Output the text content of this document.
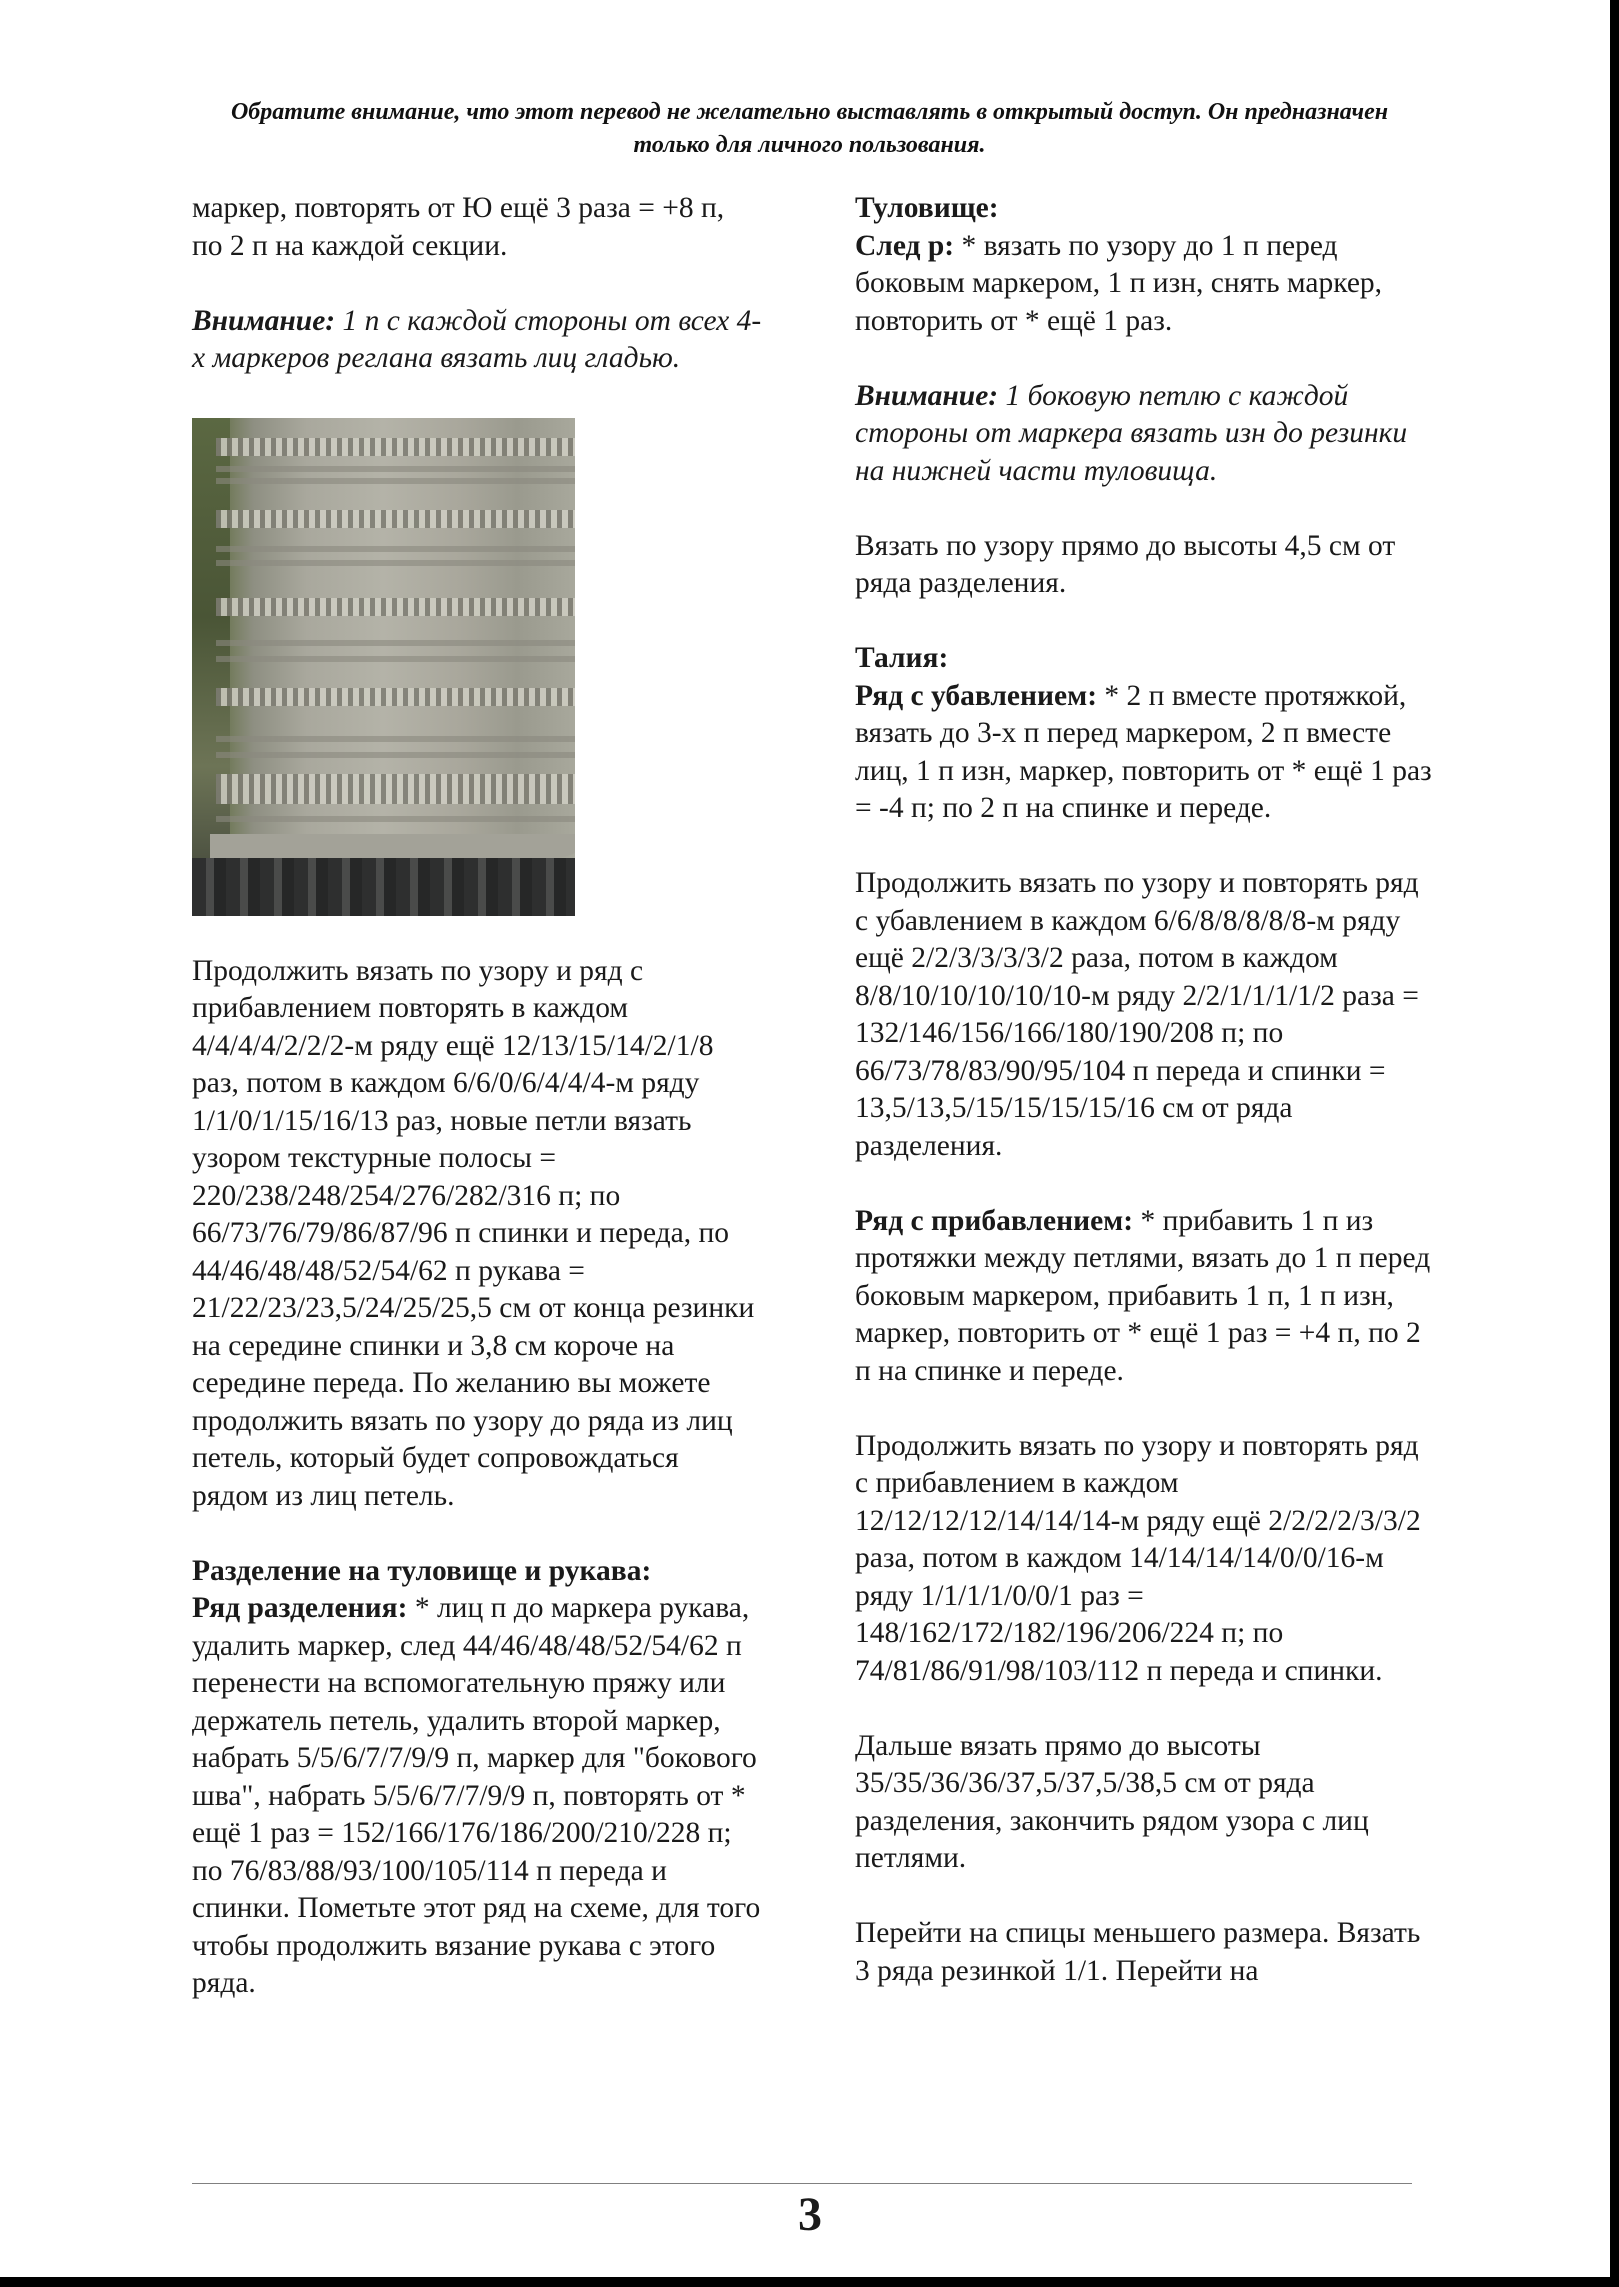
Обратите внимание, что этот перевод не желательно выставлять в открытый доступ. Он предназначен только для личного пользования.

маркер, повторять от Ю ещё 3 раза = +8 п, по 2 п на каждой секции.

Внимание: 1 п с каждой стороны от всех 4-х маркеров реглана вязать лиц гладью.

Продолжить вязать по узору и ряд с прибавлением повторять в каждом 4/4/4/4/2/2/2-м ряду ещё 12/13/15/14/2/1/8 раз, потом в каждом 6/6/0/6/4/4/4-м ряду 1/1/0/1/15/16/13 раз, новые петли вязать узором текстурные полосы = 220/238/248/254/276/282/316 п; по 66/73/76/79/86/87/96 п спинки и переда, по 44/46/48/48/52/54/62 п рукава = 21/22/23/23,5/24/25/25,5 см от конца резинки на середине спинки и 3,8 см короче на середине переда. По желанию вы можете продолжить вязать по узору до ряда из лиц петель, который будет сопровождаться рядом из лиц петель.

Разделение на туловище и рукава:

Ряд разделения: * лиц п до маркера рукава, удалить маркер, след 44/46/48/48/52/54/62 п перенести на вспомогательную пряжу или держатель петель, удалить второй маркер, набрать 5/5/6/7/7/9/9 п, маркер для "бокового шва", набрать 5/5/6/7/7/9/9 п, повторять от * ещё 1 раз = 152/166/176/186/200/210/228 п; по 76/83/88/93/100/105/114 п переда и спинки. Пометьте этот ряд на схеме, для того чтобы продолжить вязание рукава с этого ряда.

Туловище:

След р: * вязать по узору до 1 п перед боковым маркером, 1 п изн, снять маркер, повторить от * ещё 1 раз.

Внимание: 1 боковую петлю с каждой стороны от маркера вязать изн до резинки на нижней части туловища.

Вязать по узору прямо до высоты 4,5 см от ряда разделения.

Талия:

Ряд с убавлением: * 2 п вместе протяжкой, вязать до 3-х п перед маркером, 2 п вместе лиц, 1 п изн, маркер, повторить от * ещё 1 раз = -4 п; по 2 п на спинке и переде.

Продолжить вязать по узору и повторять ряд с убавлением в каждом 6/6/8/8/8/8/8-м ряду ещё 2/2/3/3/3/3/2 раза, потом в каждом 8/8/10/10/10/10/10-м ряду 2/2/1/1/1/1/2 раза = 132/146/156/166/180/190/208 п; по 66/73/78/83/90/95/104 п переда и спинки = 13,5/13,5/15/15/15/15/16 см от ряда разделения.

Ряд с прибавлением: * прибавить 1 п из протяжки между петлями, вязать до 1 п перед боковым маркером, прибавить 1 п, 1 п изн, маркер, повторить от * ещё 1 раз = +4 п, по 2 п на спинке и переде.

Продолжить вязать по узору и повторять ряд с прибавлением в каждом 12/12/12/12/14/14/14-м ряду ещё 2/2/2/2/3/3/2 раза, потом в каждом 14/14/14/14/0/0/16-м ряду 1/1/1/1/0/0/1 раз = 148/162/172/182/196/206/224 п; по 74/81/86/91/98/103/112 п переда и спинки.

Дальше вязать прямо до высоты 35/35/36/36/37,5/37,5/38,5 см от ряда разделения, закончить рядом узора с лиц петлями.

Перейти на спицы меньшего размера. Вязать 3 ряда резинкой 1/1. Перейти на

3
